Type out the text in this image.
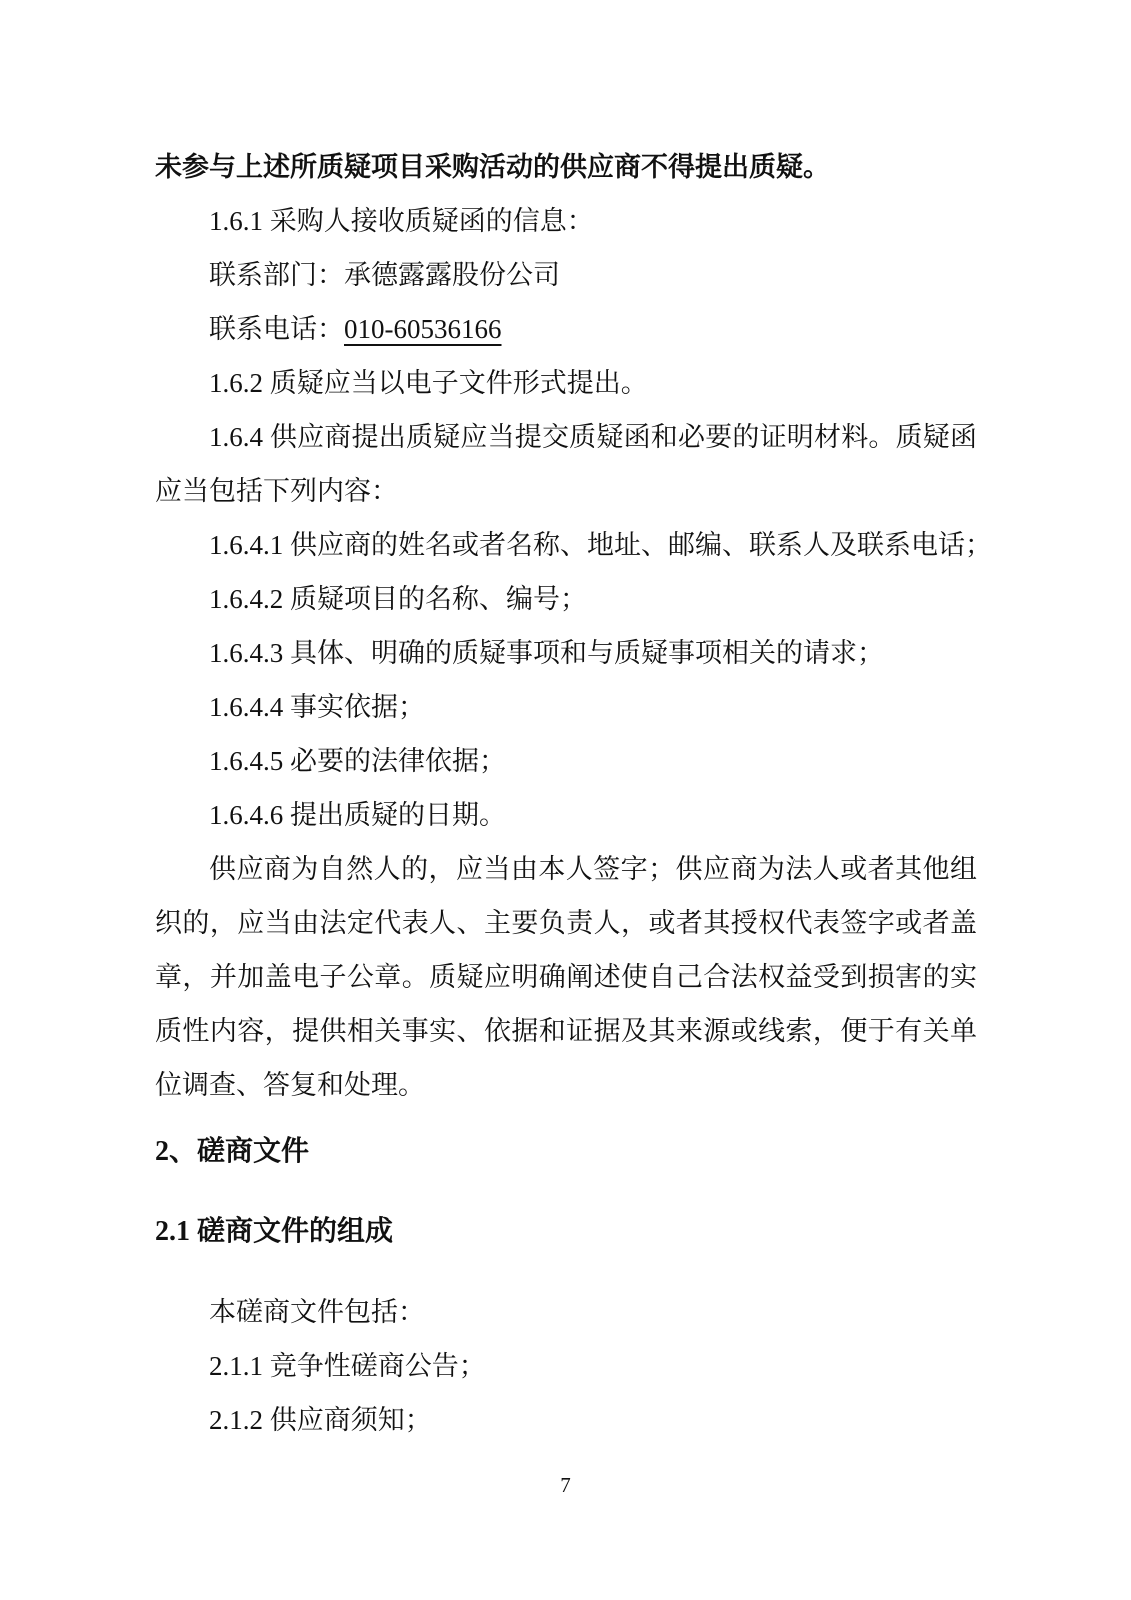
未参与上述所质疑项目采购活动的供应商不得提出质疑。

1.6.1 采购人接收质疑函的信息：

联系部门：承德露露股份公司

联系电话：010-60536166

1.6.2 质疑应当以电子文件形式提出。

1.6.4 供应商提出质疑应当提交质疑函和必要的证明材料。质疑函

应当包括下列内容：

1.6.4.1 供应商的姓名或者名称、地址、邮编、联系人及联系电话；

1.6.4.2 质疑项目的名称、编号；

1.6.4.3 具体、明确的质疑事项和与质疑事项相关的请求；

1.6.4.4 事实依据；

1.6.4.5 必要的法律依据；

1.6.4.6 提出质疑的日期。

供应商为自然人的，应当由本人签字；供应商为法人或者其他组

织的，应当由法定代表人、主要负责人，或者其授权代表签字或者盖

章，并加盖电子公章。质疑应明确阐述使自己合法权益受到损害的实

质性内容，提供相关事实、依据和证据及其来源或线索，便于有关单

位调查、答复和处理。

2、磋商文件

2.1 磋商文件的组成

本磋商文件包括：

2.1.1 竞争性磋商公告；

2.1.2 供应商须知；

7
